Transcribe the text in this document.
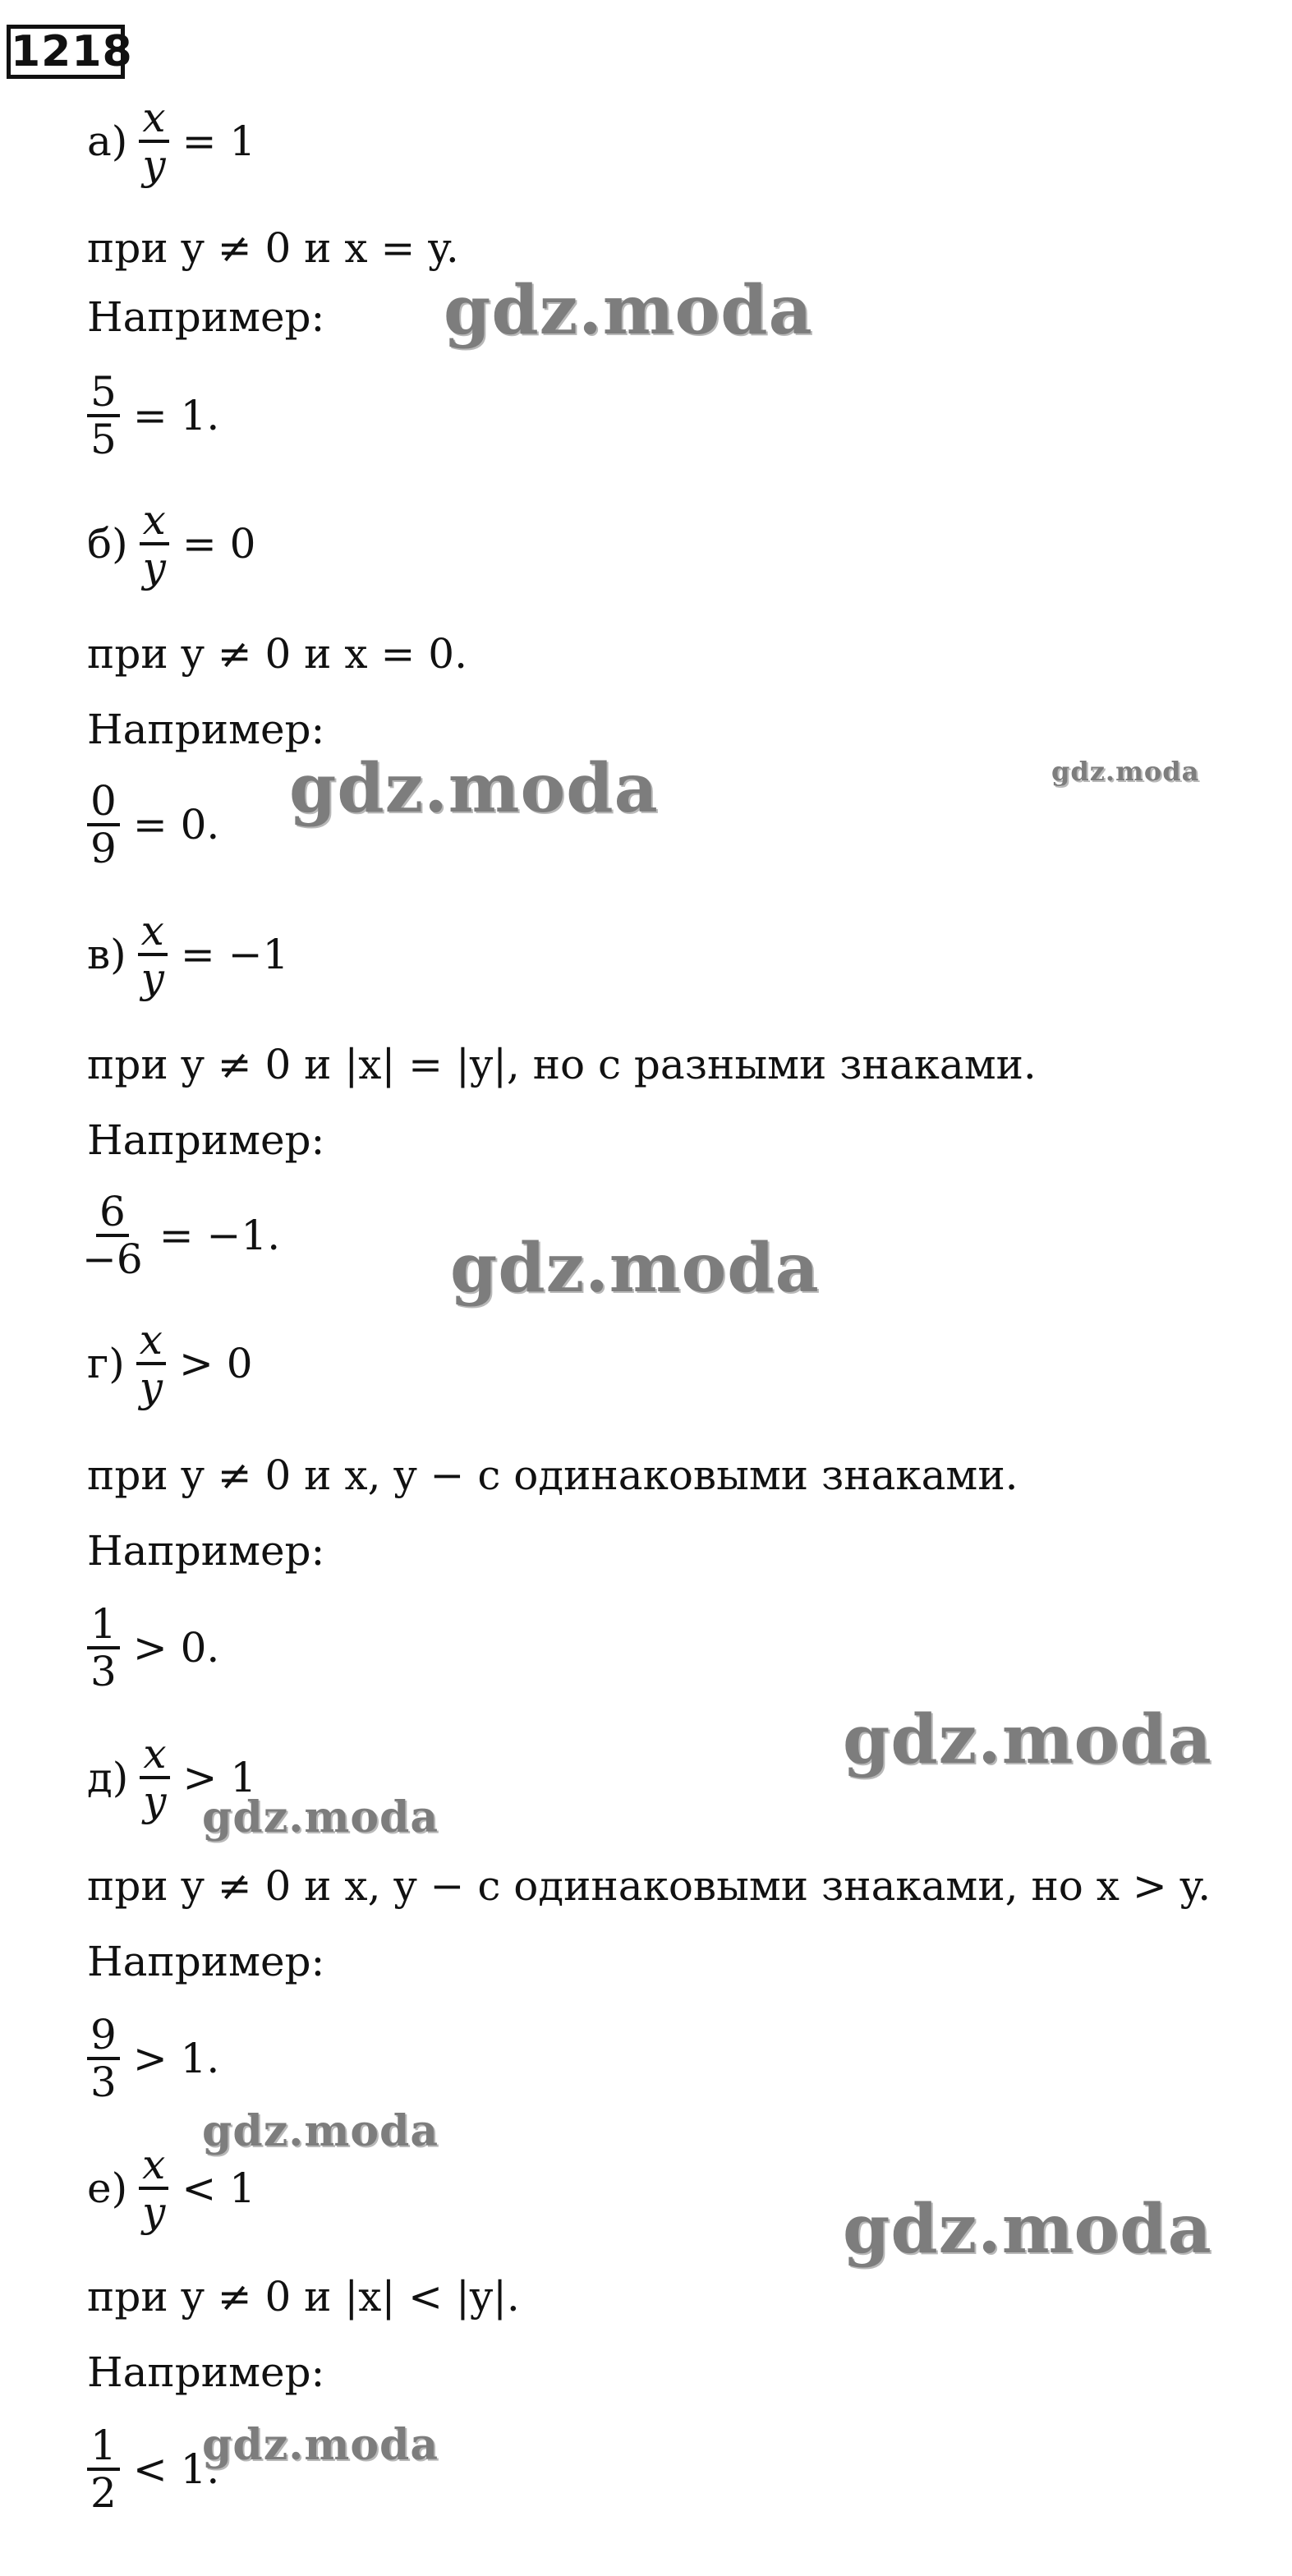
1218
$а) \frac{x}{y} = 1$
при y ≠ 0 и x = y.
Например:
$\frac{5}{5} = 1$.
$б) \frac{x}{y} = 0$
при y ≠ 0 и x = 0.
Например:
$\frac{0}{9} = 0$.
$в) \frac{x}{y} = -1$
при y ≠ 0 и |x| = |y|, но с разными знаками.
Например:
$\frac{6}{-6} = -1$.
$г) \frac{x}{y} > 0$
при y ≠ 0 и x, y − с одинаковыми знаками.
Например:
$\frac{1}{3} > 0$.
$д) \frac{x}{y} > 1$
при y ≠ 0 и x, y − с одинаковыми знаками, но x > y.
Например:
$\frac{9}{3} > 1$.
$е) \frac{x}{y} < 1$
при y ≠ 0 и |x| < |y|.
Например:
$\frac{1}{2} < 1$.
gdz.moda
gdz.moda	gdz.moda
gdz.moda
gdz.moda
gdz.moda
gdz.moda
gdz.moda
gdz.moda
